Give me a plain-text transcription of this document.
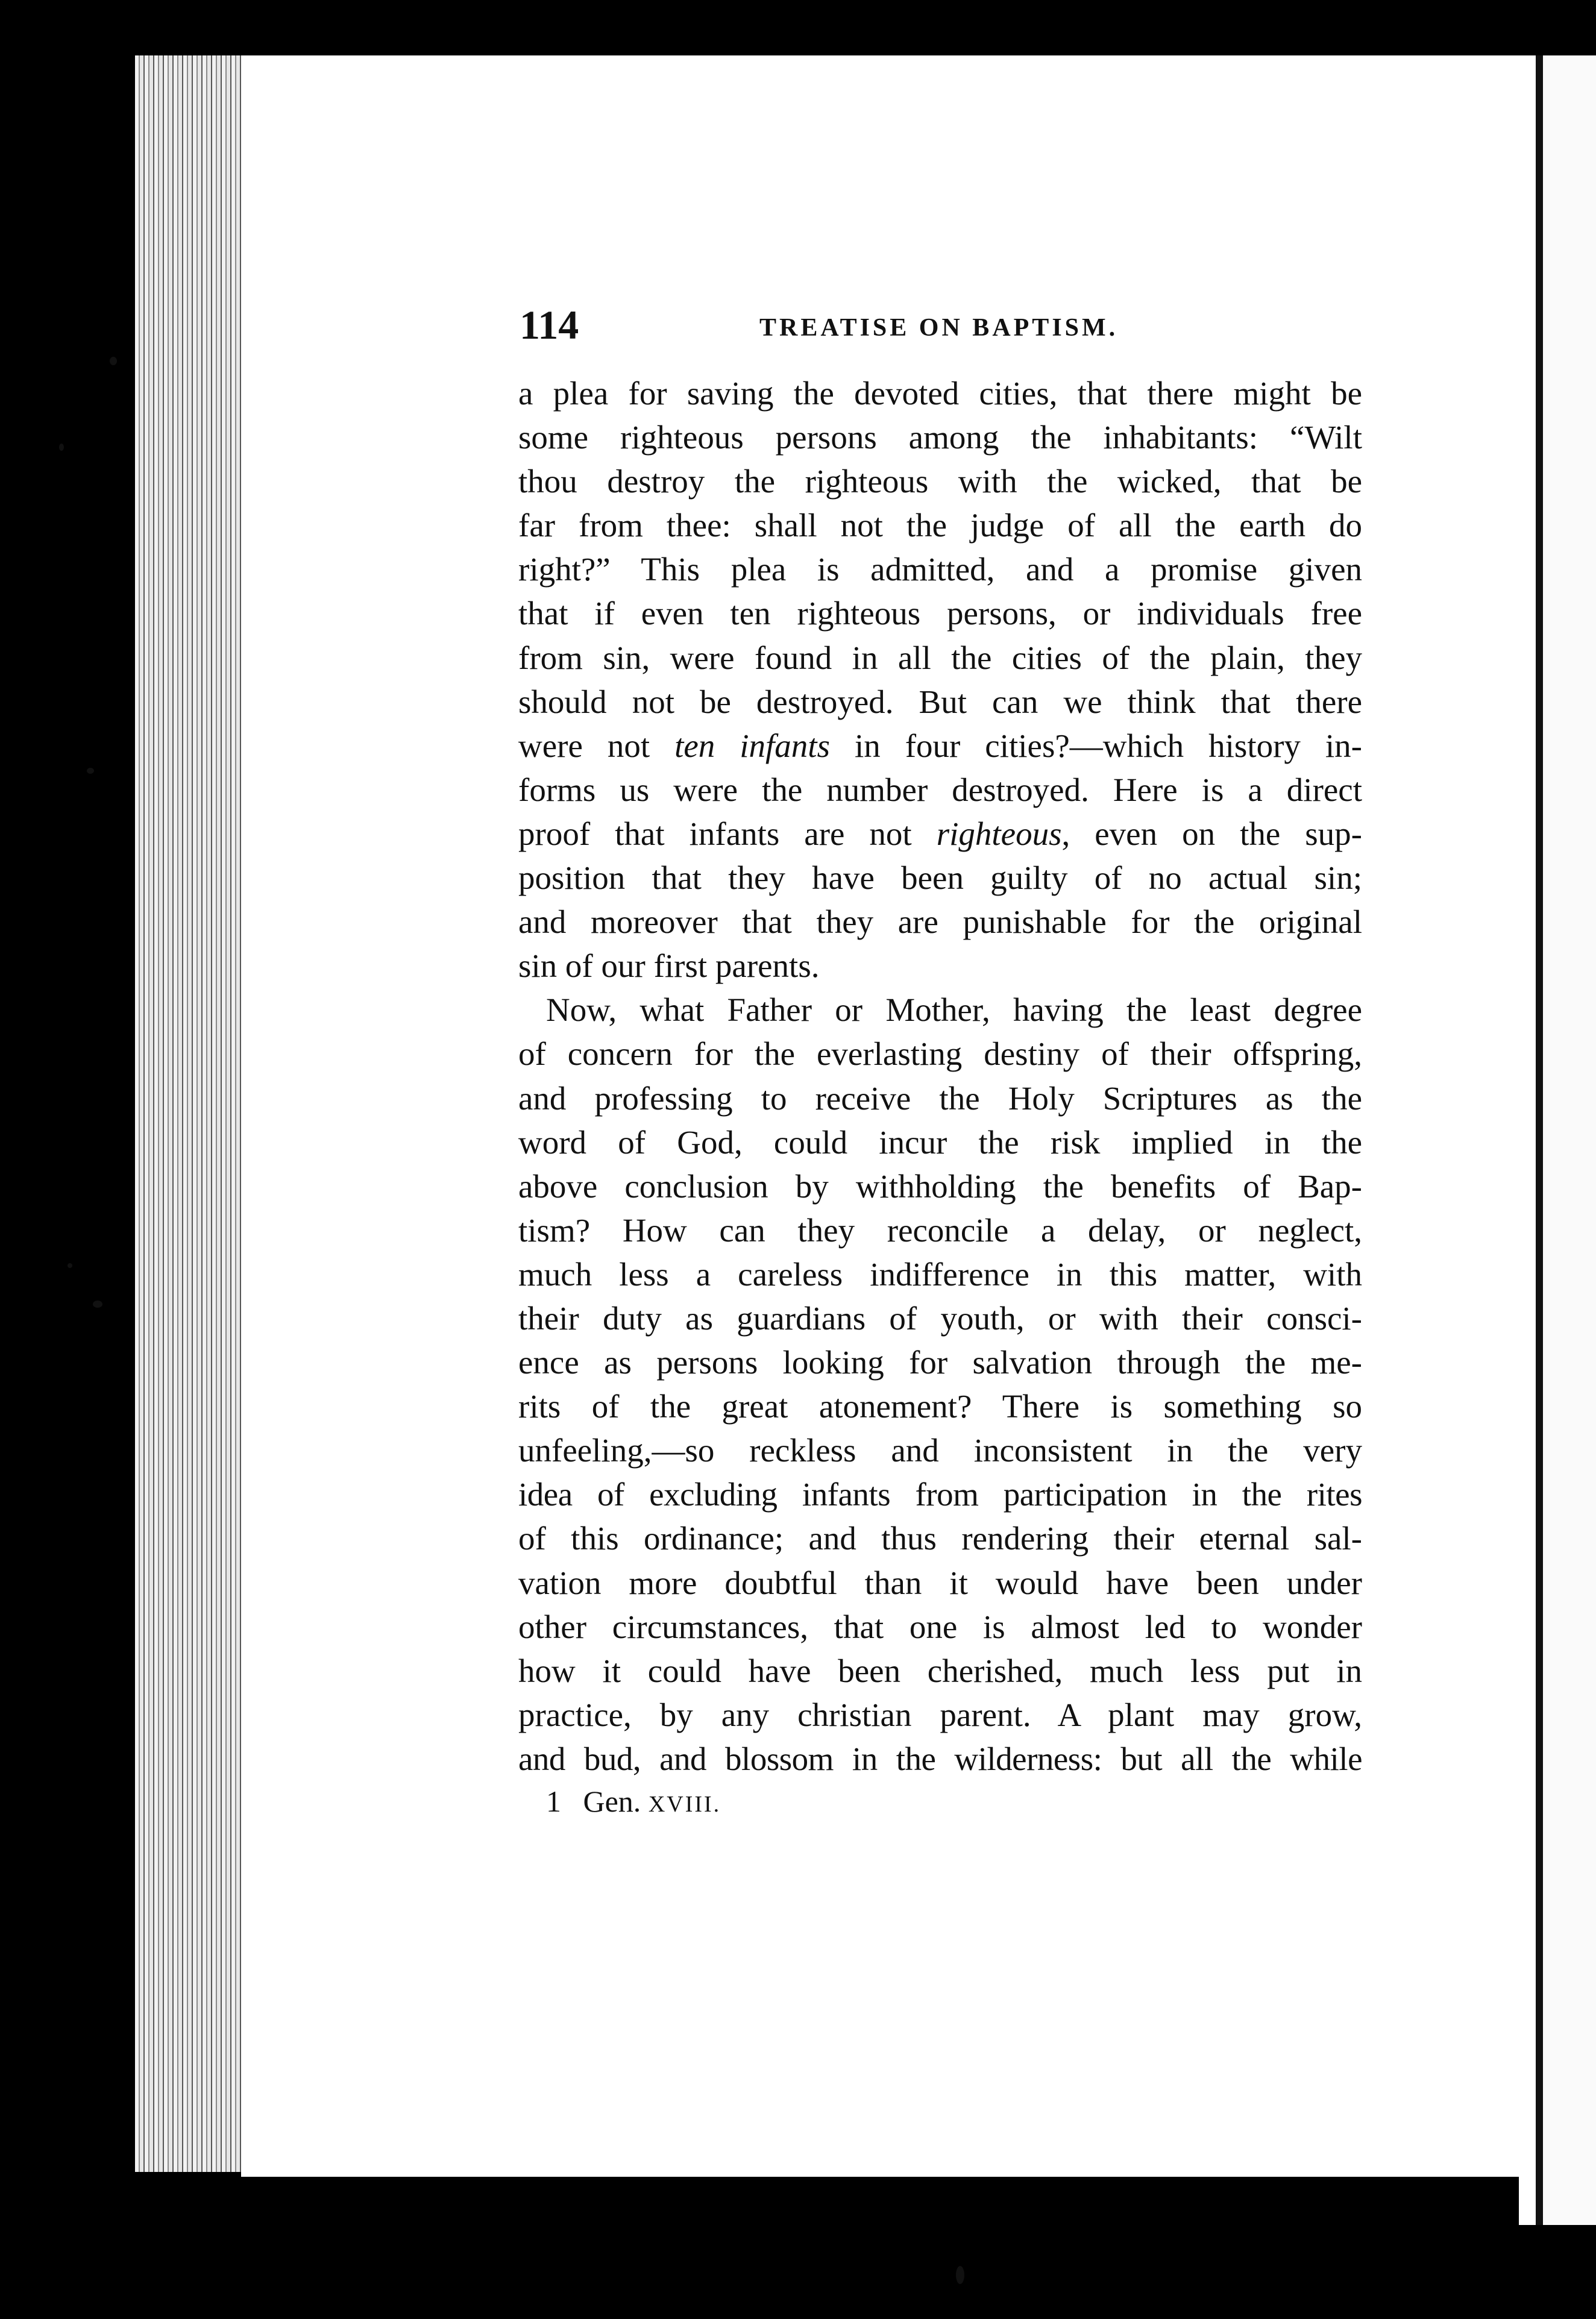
114	TREATISE ON BAPTISM.
a plea for saving the devoted cities, that there might be
some righteous persons among the inhabitants: “Wilt
thou destroy the righteous with the wicked, that be
far from thee: shall not the judge of all the earth do
right?” This plea is admitted, and a promise given
that if even ten righteous persons, or individuals free
from sin, were found in all the cities of the plain, they
should not be destroyed. But can we think that there
were not ten infants in four cities?—which history in-
forms us were the number destroyed. Here is a direct
proof that infants are not righteous, even on the sup-
position that they have been guilty of no actual sin;
and moreover that they are punishable for the original
sin of our first parents.
Now, what Father or Mother, having the least degree
of concern for the everlasting destiny of their offspring,
and professing to receive the Holy Scriptures as the
word of God, could incur the risk implied in the
above conclusion by withholding the benefits of Bap-
tism? How can they reconcile a delay, or neglect,
much less a careless indifference in this matter, with
their duty as guardians of youth, or with their consci-
ence as persons looking for salvation through the me-
rits of the great atonement? There is something so
unfeeling,—so reckless and inconsistent in the very
idea of excluding infants from participation in the rites
of this ordinance; and thus rendering their eternal sal-
vation more doubtful than it would have been under
other circumstances, that one is almost led to wonder
how it could have been cherished, much less put in
practice, by any christian parent. A plant may grow,
and bud, and blossom in the wilderness: but all the while
1 Gen. XVIII.
